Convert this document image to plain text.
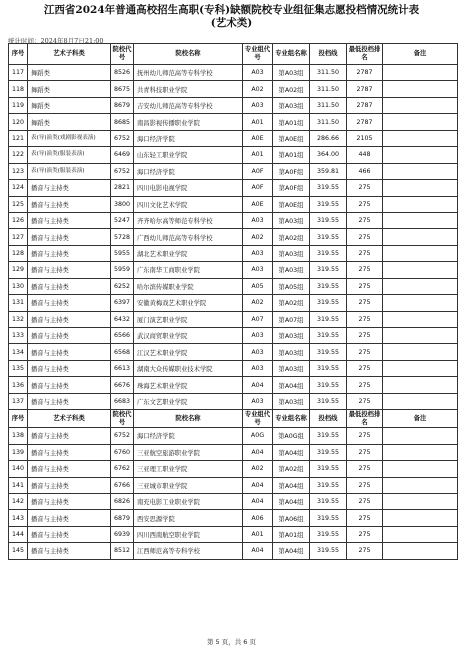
江西省2024年普通高校招生高职(专科)缺额院校专业组征集志愿投档情况统计表
(艺术类)
统计时间：2024年8月7日21:00
序号	艺术子科类	院校代号	院校名称	专业组代号	专业组名称	投档线	最低投档排名	备注
117	舞蹈类	8526	抚州幼儿师范高等专科学校	A03	第A03组	311.50	2787	
118	舞蹈类	8675	共青科技职业学院	A02	第A02组	311.50	2787	
119	舞蹈类	8679	吉安幼儿师范高等专科学校	A03	第A03组	311.50	2787	
120	舞蹈类	8685	南昌影视传播职业学院	A01	第A01组	311.50	2787	
121	表(导)演类(戏剧影视表演)	6752	海口经济学院	A0E	第A0E组	286.66	2105	
122	表(导)演类(服装表演)	6469	山东轻工职业学院	A01	第A01组	364.00	448	
123	表(导)演类(服装表演)	6752	海口经济学院	A0F	第A0F组	359.81	466	
124	播音与主持类	2821	四川电影电视学院	A0F	第A0F组	319.55	275	
125	播音与主持类	3800	四川文化艺术学院	A0E	第A0E组	319.55	275	
126	播音与主持类	5247	齐齐哈尔高等师范专科学校	A03	第A03组	319.55	275	
127	播音与主持类	5728	广西幼儿师范高等专科学校	A02	第A02组	319.55	275	
128	播音与主持类	5955	湖北艺术职业学院	A03	第A03组	319.55	275	
129	播音与主持类	5959	广东南华工商职业学院	A03	第A03组	319.55	275	
130	播音与主持类	6252	哈尔滨传媒职业学院	A05	第A05组	319.55	275	
131	播音与主持类	6397	安徽黄梅戏艺术职业学院	A02	第A02组	319.55	275	
132	播音与主持类	6432	厦门演艺职业学院	A07	第A07组	319.55	275	
133	播音与主持类	6566	武汉商贸职业学院	A03	第A03组	319.55	275	
134	播音与主持类	6568	江汉艺术职业学院	A03	第A03组	319.55	275	
135	播音与主持类	6613	湖南大众传媒职业技术学院	A03	第A03组	319.55	275	
136	播音与主持类	6676	珠海艺术职业学院	A04	第A04组	319.55	275	
137	播音与主持类	6683	广东文艺职业学院	A03	第A03组	319.55	275	
序号	艺术子科类	院校代号	院校名称	专业组代号	专业组名称	投档线	最低投档排名	备注
138	播音与主持类	6752	海口经济学院	A0G	第A0G组	319.55	275	
139	播音与主持类	6760	三亚航空旅游职业学院	A04	第A04组	319.55	275	
140	播音与主持类	6762	三亚理工职业学院	A02	第A02组	319.55	275	
141	播音与主持类	6766	三亚城市职业学院	A04	第A04组	319.55	275	
142	播音与主持类	6826	南充电影工业职业学院	A04	第A04组	319.55	275	
143	播音与主持类	6879	西安思源学院	A06	第A06组	319.55	275	
144	播音与主持类	6939	四川西南航空职业学院	A01	第A01组	319.55	275	
145	播音与主持类	8512	江西师范高等专科学校	A04	第A04组	319.55	275	
第 5 页，共 6 页
